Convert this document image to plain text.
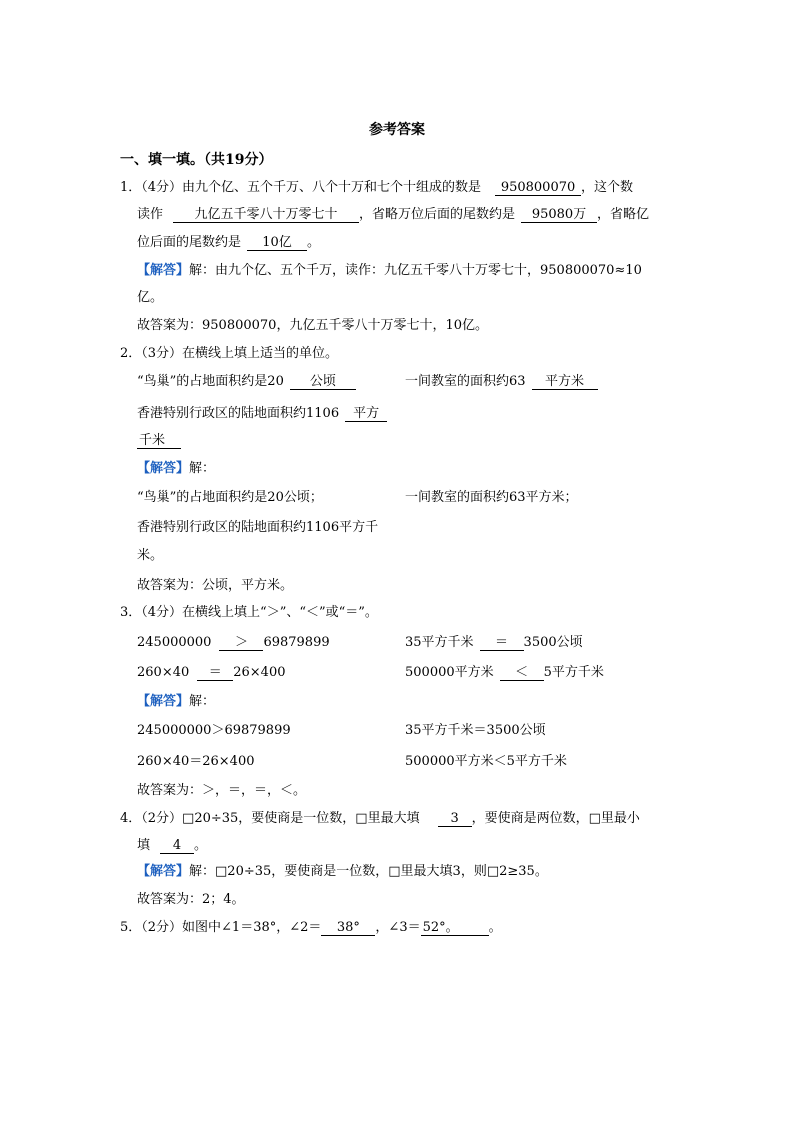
参考答案
一、填一填。（共19分）
1．（4分）由九个亿、五个千万、八个十万和七个十组成的数是 950800070 ，这个数
读作 九亿五千零八十万零七十 ，省略万位后面的尾数约是 95080万 ，省略亿
位后面的尾数约是 10亿 。
【解答】解：由九个亿、五个千万，读作：九亿五千零八十万零七十，950800070≈10
亿。
故答案为：950800070，九亿五千零八十万零七十，10亿。
2．（3分）在横线上填上适当的单位。
“鸟巢”的占地面积约是20 公顷	一间教室的面积约63 平方米
香港特别行政区的陆地面积约1106 平方
千米
【解答】解：
“鸟巢”的占地面积约是20公顷；	一间教室的面积约63平方米；
香港特别行政区的陆地面积约1106平方千
米。
故答案为：公顷，平方米。
3．（4分）在横线上填上“＞”、“＜”或“＝”。
245000000 ＞ 69879899	35平方千米 ＝ 3500公顷
260×40 ＝ 26×400	500000平方米 ＜ 5平方千米
【解答】解：
245000000＞69879899	35平方千米＝3500公顷
260×40＝26×400	500000平方米＜5平方千米
故答案为：＞，＝，＝，＜。
4．（2分）□20÷35，要使商是一位数，□里最大填 3 ，要使商是两位数，□里最小
填 4 。
【解答】解：□20÷35，要使商是一位数，□里最大填3，则□2≥35。
故答案为：2；4。
5．（2分）如图中∠1＝38°，∠2＝ 38° ，∠3＝ 52°。 。
